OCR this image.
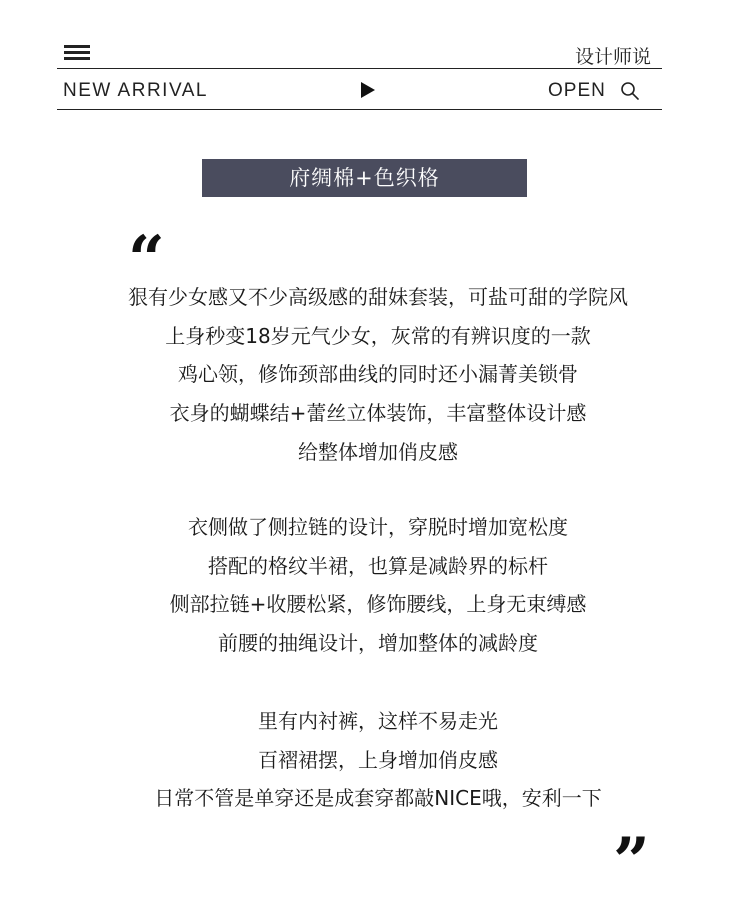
设计师说
NEW ARRIVAL	OPEN
府绸棉+色织格
“
狠有少女感又不少高级感的甜妹套装，可盐可甜的学院风
上身秒变18岁元气少女，灰常的有辨识度的一款
鸡心领，修饰颈部曲线的同时还小漏菁美锁骨
衣身的蝴蝶结+蕾丝立体装饰，丰富整体设计感
给整体增加俏皮感
衣侧做了侧拉链的设计，穿脱时增加宽松度
搭配的格纹半裙，也算是减龄界的标杆
侧部拉链+收腰松紧，修饰腰线，上身无束缚感
前腰的抽绳设计，增加整体的减龄度
里有内衬裤，这样不易走光
百褶裙摆，上身增加俏皮感
日常不管是单穿还是成套穿都敲NICE哦，安利一下
”
